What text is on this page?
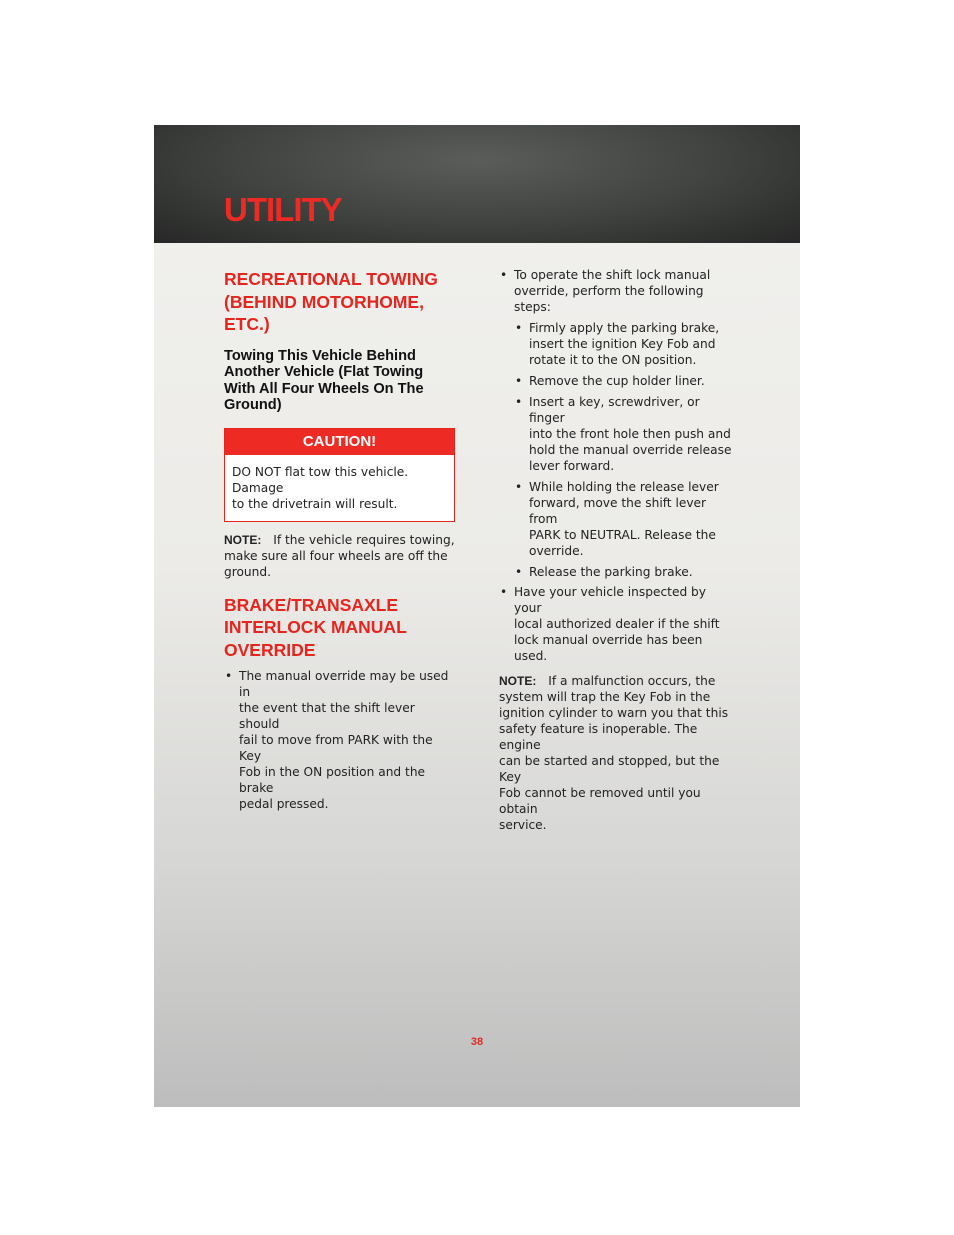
UTILITY
RECREATIONAL TOWING
(BEHIND MOTORHOME,
ETC.)
Towing This Vehicle Behind
Another Vehicle (Flat Towing
With All Four Wheels On The
Ground)
CAUTION!
DO NOT flat tow this vehicle. Damage
to the drivetrain will result.

NOTE: If the vehicle requires towing,
make sure all four wheels are off the
ground.

BRAKE/TRANSAXLE
INTERLOCK MANUAL
OVERRIDE
• The manual override may be used in
the event that the shift lever should
fail to move from PARK with the Key
Fob in the ON position and the brake
pedal pressed.
• To operate the shift lock manual
override, perform the following steps:
• Firmly apply the parking brake,
insert the ignition Key Fob and
rotate it to the ON position.
• Remove the cup holder liner.
• Insert a key, screwdriver, or finger
into the front hole then push and
hold the manual override release
lever forward.
• While holding the release lever
forward, move the shift lever from
PARK to NEUTRAL. Release the
override.
• Release the parking brake.
• Have your vehicle inspected by your
local authorized dealer if the shift
lock manual override has been used.

NOTE: If a malfunction occurs, the
system will trap the Key Fob in the
ignition cylinder to warn you that this
safety feature is inoperable. The engine
can be started and stopped, but the Key
Fob cannot be removed until you obtain
service.

38
